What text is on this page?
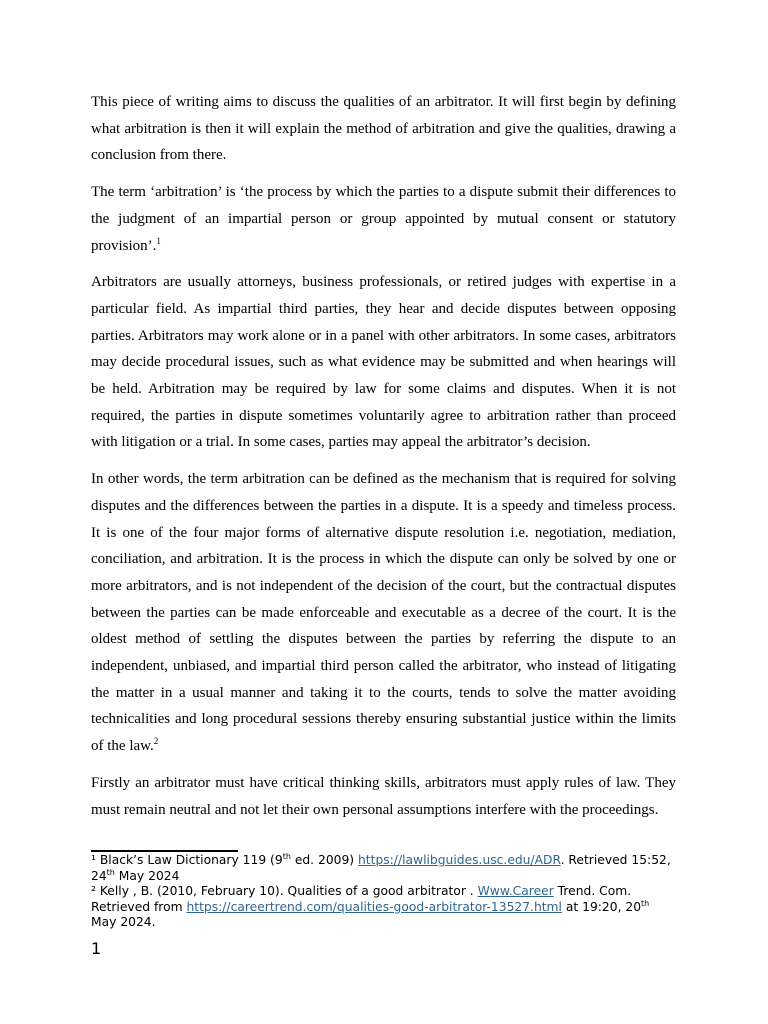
This piece of writing aims to discuss the qualities of an arbitrator. It will first begin by defining what arbitration is then it will explain the method of arbitration and give the qualities, drawing a conclusion from there.

The term ‘arbitration’ is ‘the process by which the parties to a dispute submit their differences to the judgment of an impartial person or group appointed by mutual consent or statutory provision’.$^1$

Arbitrators are usually attorneys, business professionals, or retired judges with expertise in a particular field. As impartial third parties, they hear and decide disputes between opposing parties. Arbitrators may work alone or in a panel with other arbitrators. In some cases, arbitrators may decide procedural issues, such as what evidence may be submitted and when hearings will be held. Arbitration may be required by law for some claims and disputes. When it is not required, the parties in dispute sometimes voluntarily agree to arbitration rather than proceed with litigation or a trial. In some cases, parties may appeal the arbitrator’s decision.

In other words, the term arbitration can be defined as the mechanism that is required for solving disputes and the differences between the parties in a dispute. It is a speedy and timeless process. It is one of the four major forms of alternative dispute resolution i.e. negotiation, mediation, conciliation, and arbitration. It is the process in which the dispute can only be solved by one or more arbitrators, and is not independent of the decision of the court, but the contractual disputes between the parties can be made enforceable and executable as a decree of the court. It is the oldest method of settling the disputes between the parties by referring the dispute to an independent, unbiased, and impartial third person called the arbitrator, who instead of litigating the matter in a usual manner and taking it to the courts, tends to solve the matter avoiding technicalities and long procedural sessions thereby ensuring substantial justice within the limits of the law.$^2$

Firstly an arbitrator must have critical thinking skills, arbitrators must apply rules of law. They must remain neutral and not let their own personal assumptions interfere with the proceedings.

¹ Black’s Law Dictionary 119 (9th ed. 2009) https://lawlibguides.usc.edu/ADR. Retrieved 15:52, 24th May 2024

² Kelly , B. (2010, February 10). Qualities of a good arbitrator . Www.Career Trend. Com. Retrieved from https://careertrend.com/qualities-good-arbitrator-13527.html at 19:20, 20th May 2024.

1
